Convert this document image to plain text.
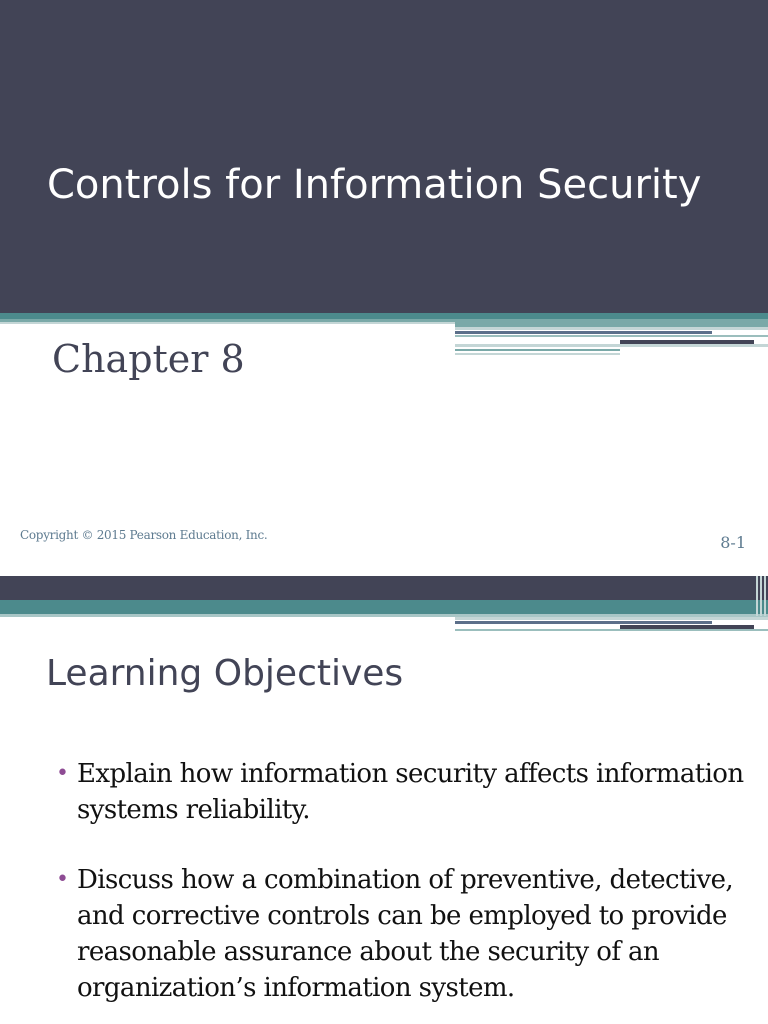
Controls for Information Security
Chapter 8
Copyright © 2015 Pearson Education, Inc.	8-1
Learning Objectives
• Explain how information security affects information systems reliability.
• Discuss how a combination of preventive, detective, and corrective controls can be employed to provide reasonable assurance about the security of an organization’s information system.
